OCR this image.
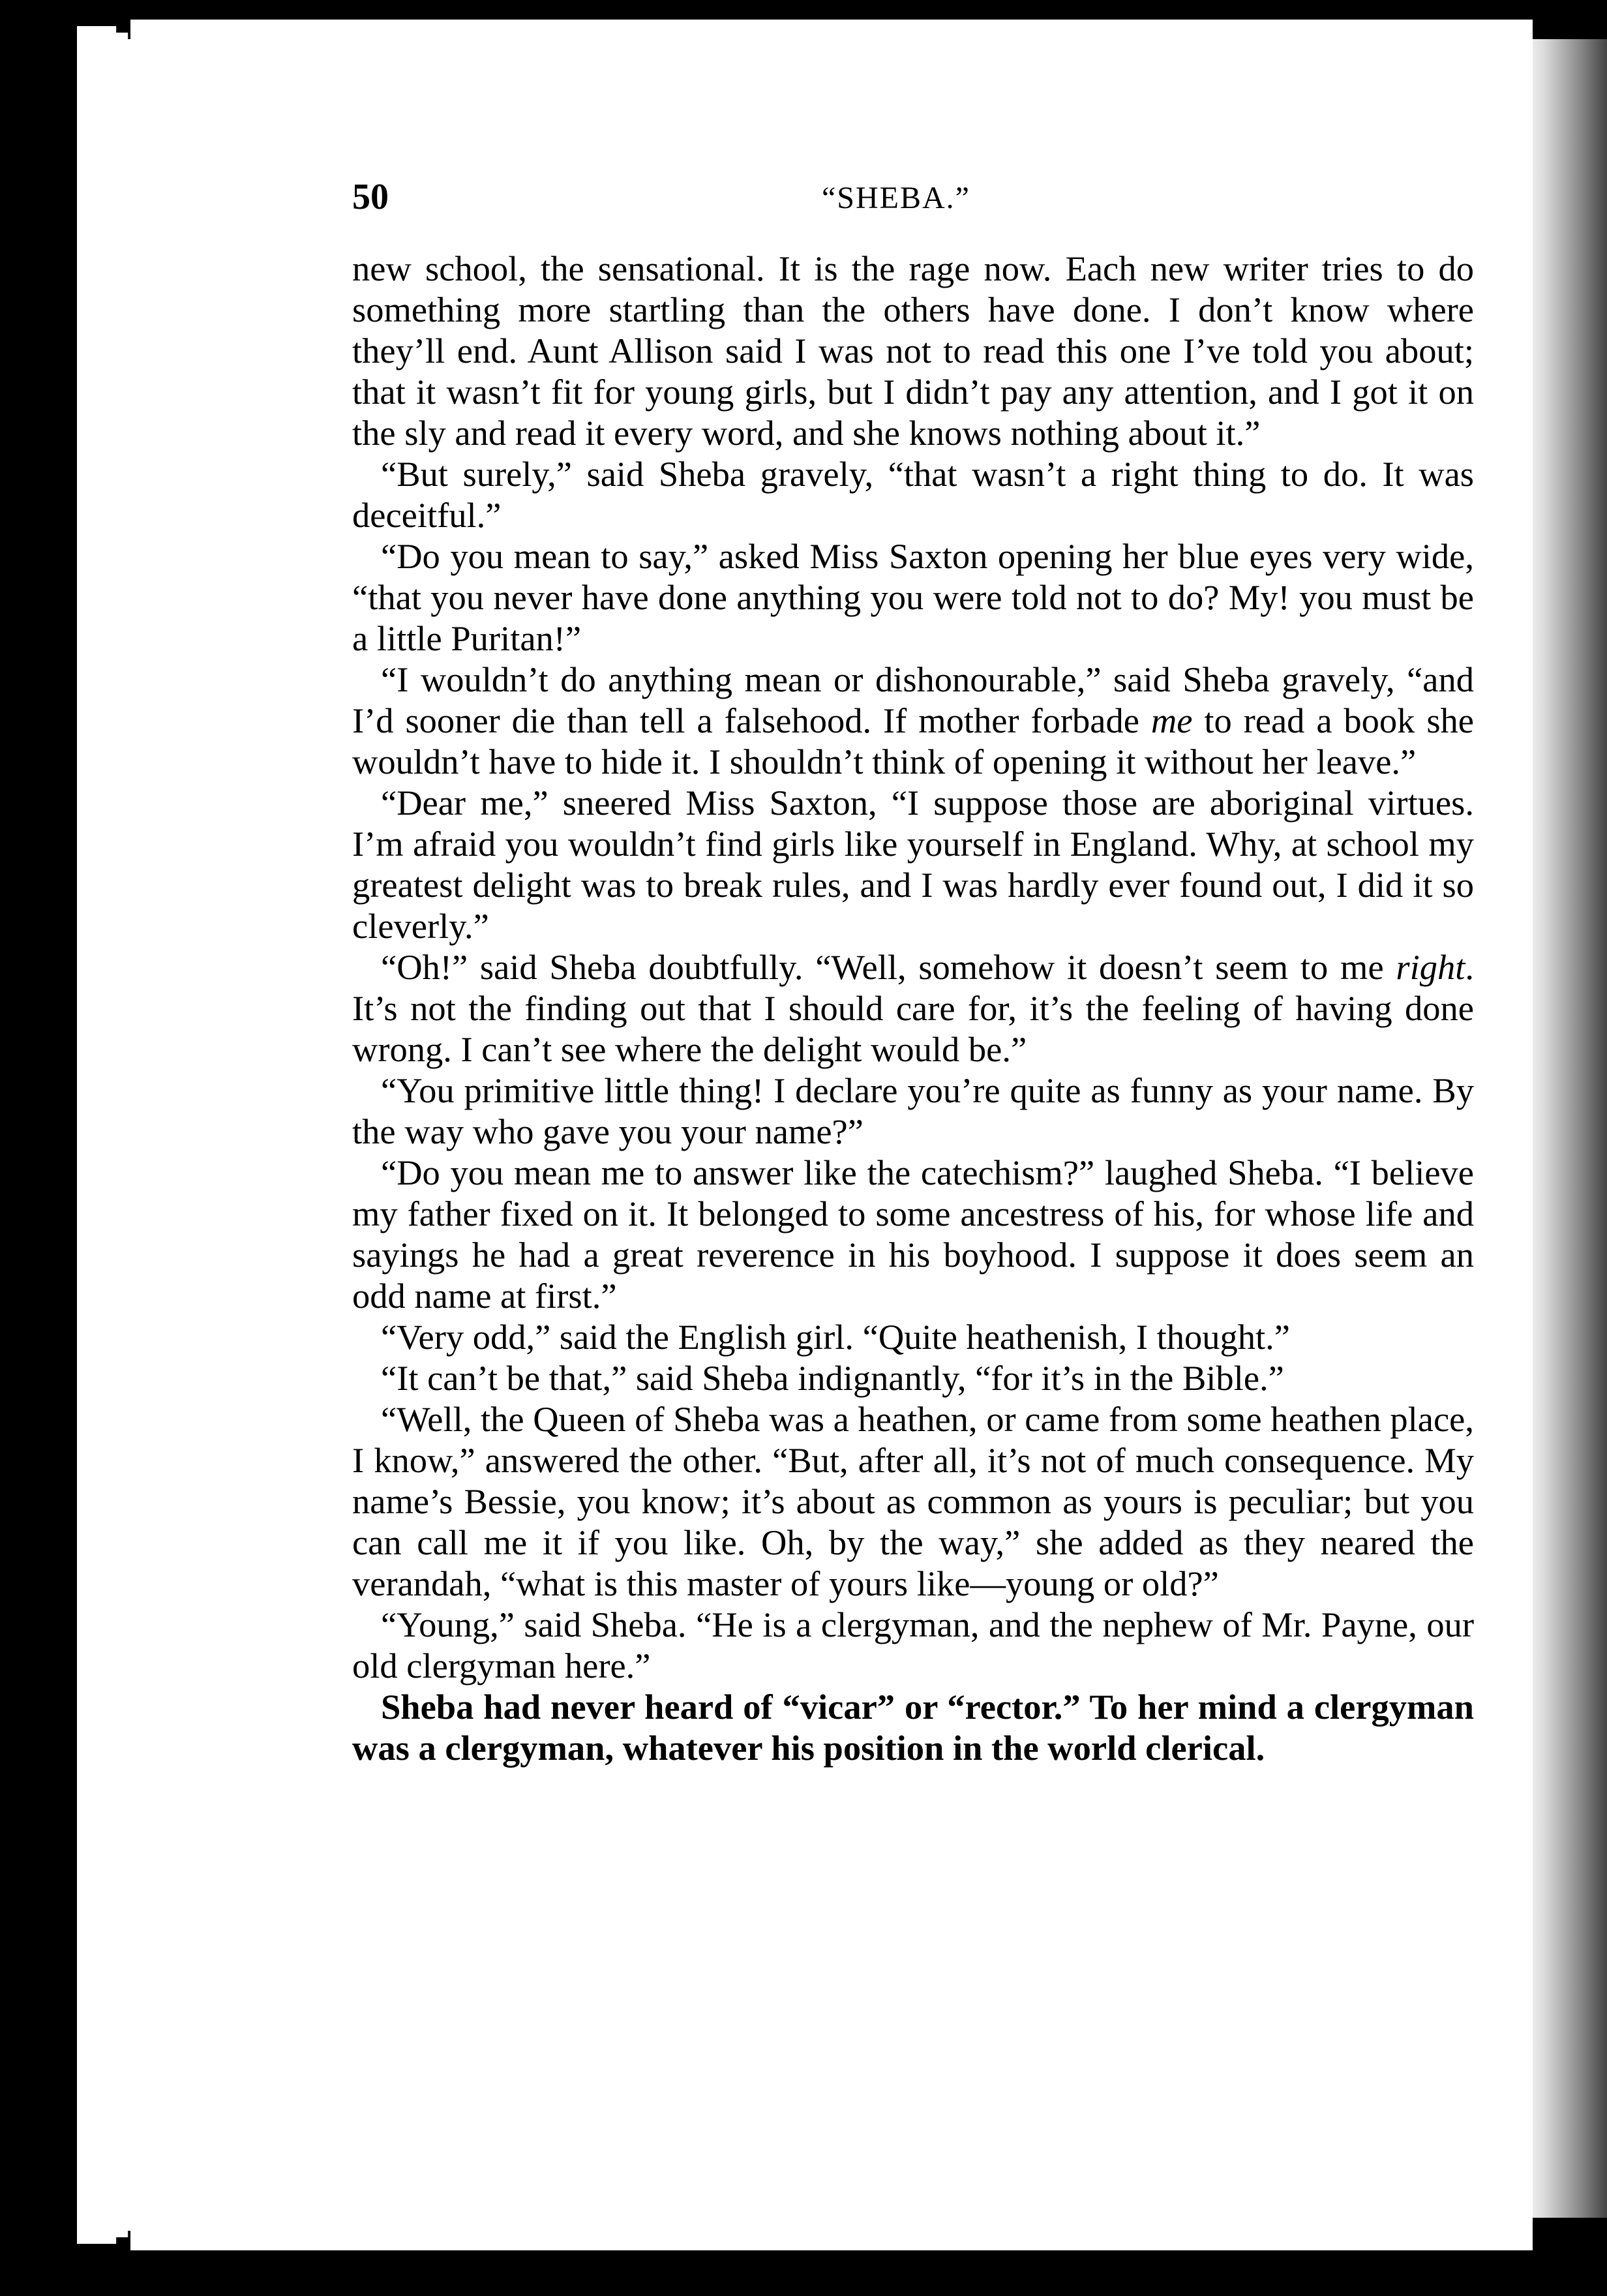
50	“SHEBA.”

new school, the sensational. It is the rage now. Each new writer tries to do something more startling than the others have done. I don’t know where they’ll end. Aunt Allison said I was not to read this one I’ve told you about; that it wasn’t fit for young girls, but I didn’t pay any attention, and I got it on the sly and read it every word, and she knows nothing about it.”

“But surely,” said Sheba gravely, “that wasn’t a right thing to do. It was deceitful.”

“Do you mean to say,” asked Miss Saxton opening her blue eyes very wide, “that you never have done anything you were told not to do? My! you must be a little Puritan!”

“I wouldn’t do anything mean or dishonourable,” said Sheba gravely, “and I’d sooner die than tell a falsehood. If mother forbade me to read a book she wouldn’t have to hide it. I shouldn’t think of opening it without her leave.”

“Dear me,” sneered Miss Saxton, “I suppose those are aboriginal virtues. I’m afraid you wouldn’t find girls like yourself in England. Why, at school my greatest delight was to break rules, and I was hardly ever found out, I did it so cleverly.”

“Oh!” said Sheba doubtfully. “Well, somehow it doesn’t seem to me right. It’s not the finding out that I should care for, it’s the feeling of having done wrong. I can’t see where the delight would be.”

“You primitive little thing! I declare you’re quite as funny as your name. By the way who gave you your name?”

“Do you mean me to answer like the catechism?” laughed Sheba. “I believe my father fixed on it. It belonged to some ancestress of his, for whose life and sayings he had a great reverence in his boyhood. I suppose it does seem an odd name at first.”

“Very odd,” said the English girl. “Quite heathenish, I thought.”

“It can’t be that,” said Sheba indignantly, “for it’s in the Bible.”

“Well, the Queen of Sheba was a heathen, or came from some heathen place, I know,” answered the other. “But, after all, it’s not of much consequence. My name’s Bessie, you know; it’s about as common as yours is peculiar; but you can call me it if you like. Oh, by the way,” she added as they neared the verandah, “what is this master of yours like—young or old?”

“Young,” said Sheba. “He is a clergyman, and the nephew of Mr. Payne, our old clergyman here.”

Sheba had never heard of “vicar” or “rector.” To her mind a clergyman was a clergyman, whatever his position in the world clerical.
